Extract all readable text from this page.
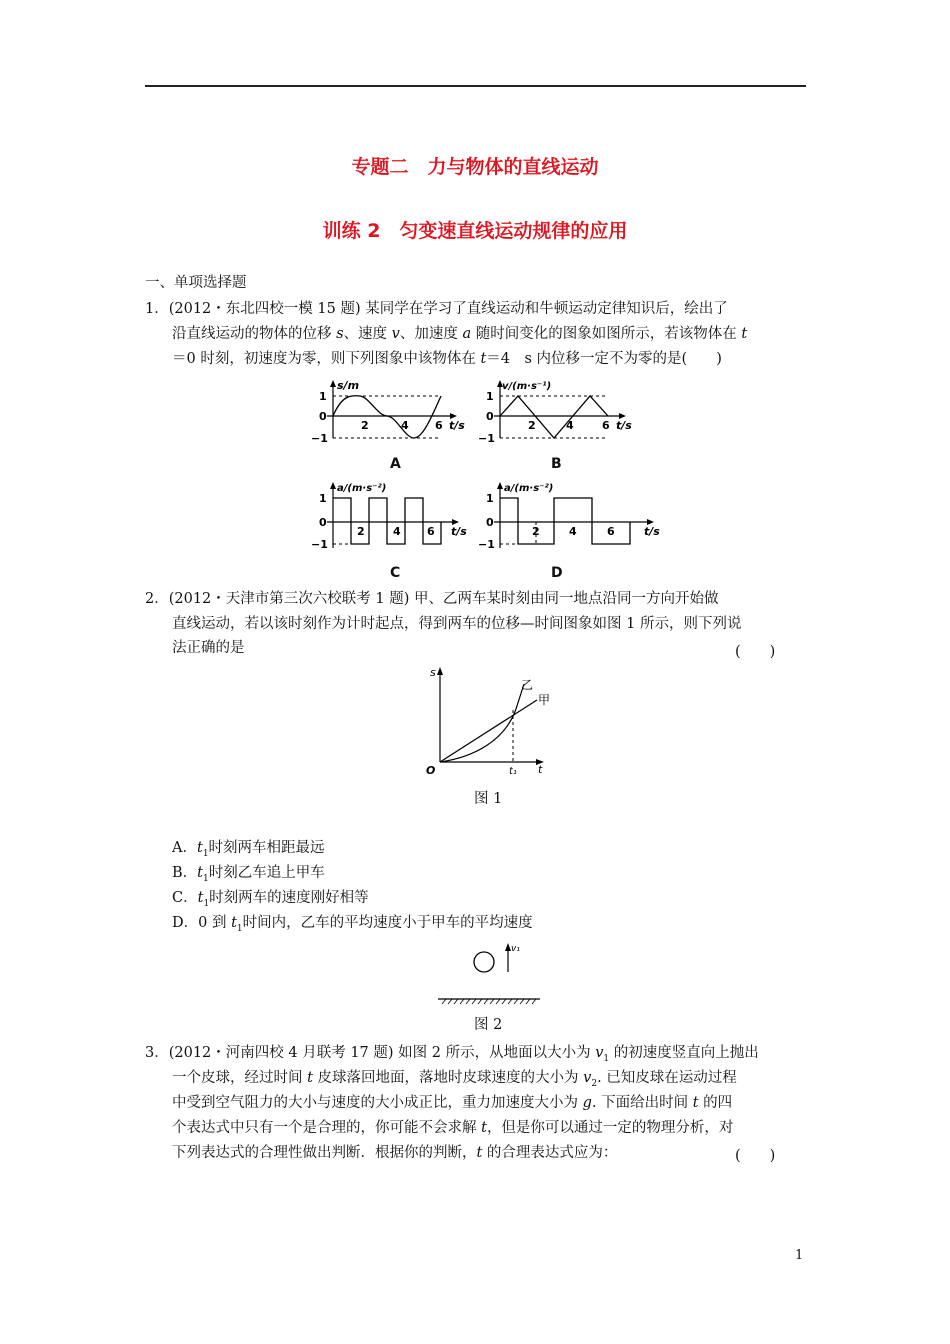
专题二　力与物体的直线运动
训练 2　匀变速直线运动规律的应用
一、单项选择题
1．(2012・东北四校一模 15 题) 某同学在学习了直线运动和牛顿运动定律知识后，绘出了
沿直线运动的物体的位移 s、速度 v、加速度 a 随时间变化的图象如图所示，若该物体在 t
＝0 时刻，初速度为零，则下列图象中该物体在 t＝4　s 内位移一定不为零的是(　　)
s/m
1
0
−1
2	4 6 t/s
A
v/(m·s⁻¹)
1
0
−1
2	4	6 t/s
B
a/(m·s⁻²)
1
0
−1
2	4 6 t/s
C
a/(m·s⁻²)
1
0
−1
2	4	6	t/s
D
2．(2012・天津市第三次六校联考 1 题) 甲、乙两车某时刻由同一地点沿同一方向开始做
直线运动，若以该时刻作为计时起点，得到两车的位移—时间图象如图 1 所示，则下列说
法正确的是	(　　)
s
t
O	t₁
乙
甲
图 1
A．$t_1$时刻两车相距最远
B．$t_1$时刻乙车追上甲车
C．$t_1$时刻两车的速度刚好相等
D．0 到 $t_1$时间内，乙车的平均速度小于甲车的平均速度
v₁
图 2
3．(2012・河南四校 4 月联考 17 题) 如图 2 所示，从地面以大小为 $v_1$ 的初速度竖直向上抛出
一个皮球，经过时间 t 皮球落回地面，落地时皮球速度的大小为 $v_2$. 已知皮球在运动过程
中受到空气阻力的大小与速度的大小成正比，重力加速度大小为 g. 下面给出时间 t 的四
个表达式中只有一个是合理的，你可能不会求解 t，但是你可以通过一定的物理分析，对
下列表达式的合理性做出判断．根据你的判断，t 的合理表达式应为：	(　　)
1
